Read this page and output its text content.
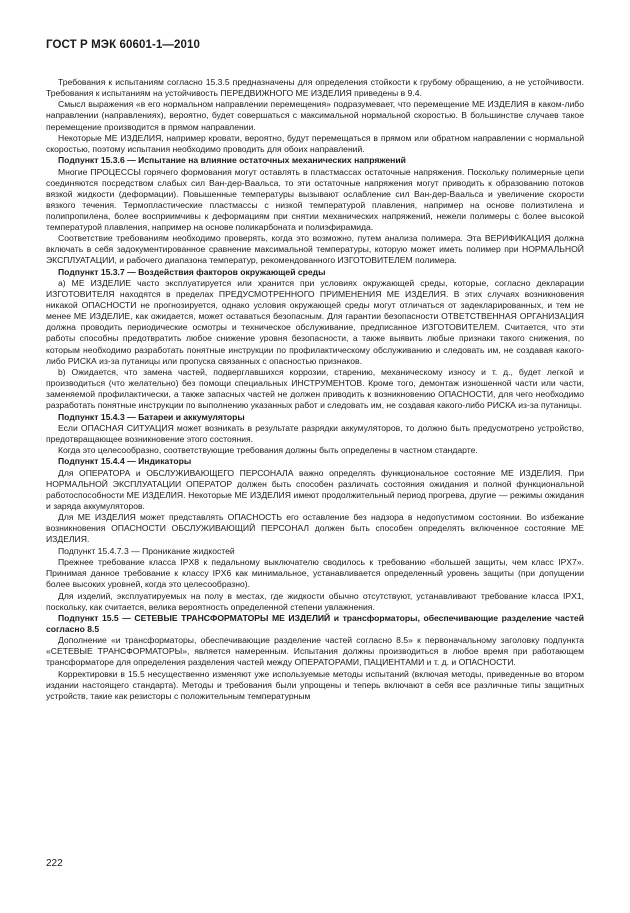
ГОСТ Р МЭК 60601-1—2010

Требования к испытаниям согласно 15.3.5 предназначены для определения стойкости к грубому обращению, а не устойчивости. Требования к испытаниям на устойчивость ПЕРЕДВИЖНОГО МЕ ИЗДЕЛИЯ приведены в 9.4.

Смысл выражения «в его нормальном направлении перемещения» подразумевает, что перемещение МЕ ИЗДЕЛИЯ в каком-либо направлении (направлениях), вероятно, будет совершаться с максимальной нормальной скоростью. В большинстве случаев такое перемещение производится в прямом направлении.

Некоторые МЕ ИЗДЕЛИЯ, например кровати, вероятно, будут перемещаться в прямом или обратном направлении с нормальной скоростью, поэтому испытания необходимо проводить для обоих направлений.

Подпункт 15.3.6 — Испытание на влияние остаточных механических напряжений

Многие ПРОЦЕССЫ горячего формования могут оставлять в пластмассах остаточные напряжения. Поскольку полимерные цепи соединяются посредством слабых сил Ван-дер-Ваальса, то эти остаточные напряжения могут приводить к образованию потоков вязкой жидкости (деформации). Повышенные температуры вызывают ослабление сил Ван-дер-Ваальса и увеличение скорости вязкого течения. Термопластические пластмассы с низкой температурой плавления, например на основе полиэтилена и полипропилена, более восприимчивы к деформациям при снятии механических напряжений, нежели полимеры с более высокой температурой плавления, например на основе поликарбоната и полиэфирамида.

Соответствие требованиям необходимо проверять, когда это возможно, путем анализа полимера. Эта ВЕРИФИКАЦИЯ должна включать в себя задокументированное сравнение максимальной температуры, которую может иметь полимер при НОРМАЛЬНОЙ ЭКСПЛУАТАЦИИ, и рабочего диапазона температур, рекомендованного ИЗГОТОВИТЕЛЕМ полимера.

Подпункт 15.3.7 — Воздействия факторов окружающей среды

а) МЕ ИЗДЕЛИЕ часто эксплуатируется или хранится при условиях окружающей среды, которые, согласно декларации ИЗГОТОВИТЕЛЯ находятся в пределах ПРЕДУСМОТРЕННОГО ПРИМЕНЕНИЯ МЕ ИЗДЕЛИЯ. В этих случаях возникновения никакой ОПАСНОСТИ не прогнозируется, однако условия окружающей среды могут отличаться от задекларированных, и тем не менее МЕ ИЗДЕЛИЕ, как ожидается, может оставаться безопасным. Для гарантии безопасности ОТВЕТСТВЕННАЯ ОРГАНИЗАЦИЯ должна проводить периодические осмотры и техническое обслуживание, предписанное ИЗГОТОВИТЕЛЕМ. Считается, что эти работы способны предотвратить любое снижение уровня безопасности, а также выявить любые признаки такого снижения, по которым необходимо разработать понятные инструкции по профилактическому обслуживанию и следовать им, не создавая какого-либо РИСКА из-за путаницы или пропуска связанных с опасностью признаков.

b) Ожидается, что замена частей, подверглавшихся коррозии, старению, механическому износу и т. д., будет легкой и производиться (что желательно) без помощи специальных ИНСТРУМЕНТОВ. Кроме того, демонтаж изношенной части или части, заменяемой профилактически, а также запасных частей не должен приводить к возникновению ОПАСНОСТИ, для чего необходимо разработать понятные инструкции по выполнению указанных работ и следовать им, не создавая какого-либо РИСКА из-за путаницы.

Подпункт 15.4.3 — Батареи и аккумуляторы

Если ОПАСНАЯ СИТУАЦИЯ может возникать в результате разрядки аккумуляторов, то должно быть предусмотрено устройство, предотвращающее возникновение этого состояния.

Когда это целесообразно, соответствующие требования должны быть определены в частном стандарте.

Подпункт 15.4.4 — Индикаторы

Для ОПЕРАТОРА и ОБСЛУЖИВАЮЩЕГО ПЕРСОНАЛА важно определять функциональное состояние МЕ ИЗДЕЛИЯ. При НОРМАЛЬНОЙ ЭКСПЛУАТАЦИИ ОПЕРАТОР должен быть способен различать состояния ожидания и полной функциональной работоспособности МЕ ИЗДЕЛИЯ. Некоторые МЕ ИЗДЕЛИЯ имеют продолжительный период прогрева, другие — режимы ожидания и заряда аккумуляторов.

Для МЕ ИЗДЕЛИЯ может представлять ОПАСНОСТЬ его оставление без надзора в недопустимом состоянии. Во избежание возникновения ОПАСНОСТИ ОБСЛУЖИВАЮЩИЙ ПЕРСОНАЛ должен быть способен определять включенное состояние МЕ ИЗДЕЛИЯ.

Подпункт 15.4.7.3 — Проникание жидкостей

Прежнее требование класса IPX8 к педальному выключателю сводилось к требованию «большей защиты, чем класс IPX7». Принимая данное требование к классу IPX6 как минимальное, устанавливается определенный уровень защиты (при допущении более высоких уровней, когда это целесообразно).

Для изделий, эксплуатируемых на полу в местах, где жидкости обычно отсутствуют, устанавливают требование класса IPX1, поскольку, как считается, велика вероятность определенной степени увлажнения.

Подпункт 15.5 — СЕТЕВЫЕ ТРАНСФОРМАТОРЫ МЕ ИЗДЕЛИЙ и трансформаторы, обеспечивающие разделение частей согласно 8.5

Дополнение «и трансформаторы, обеспечивающие разделение частей согласно 8.5» к первоначальному заголовку подпункта «СЕТЕВЫЕ ТРАНСФОРМАТОРЫ», является намеренным. Испытания должны производиться в любое время при работающем трансформаторе для определения разделения частей между ОПЕРАТОРАМИ, ПАЦИЕНТАМИ и т. д. и ОПАСНОСТИ.

Корректировки в 15.5 несущественно изменяют уже используемые методы испытаний (включая методы, приведенные во втором издании настоящего стандарта). Методы и требования были упрощены и теперь включают в себя все различные типы защитных устройств, такие как резисторы с положительным температурным

222
